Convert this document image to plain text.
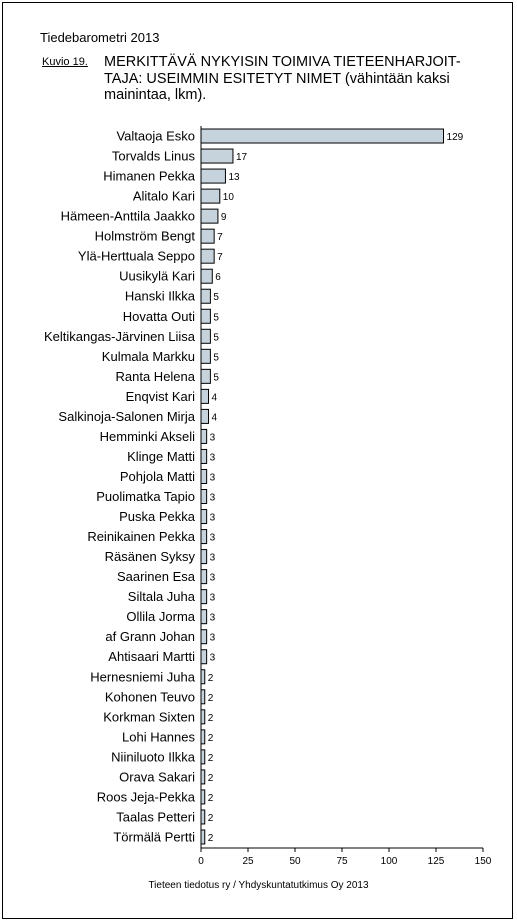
Tiedebarometri 2013
Kuvio 19. MERKITTÄVÄ NYKYISIN TOIMIVA TIETEENHARJOIT-TAJA: USEIMMIN ESITETYT NIMET (vähintään kaksi mainintaa, lkm).
Valtaoja Esko	129
Torvalds Linus	17
Himanen Pekka	13
Alitalo Kari	10
Hämeen-Anttila Jaakko	9
Holmström Bengt 7
Ylä-Herttuala Seppo 7
Uusikylä Kari 6
Hanski Ilkka 5
Hovatta Outi 5
Keltikangas-Järvinen Liisa 5
Kulmala Markku 5
Ranta Helena 5
Enqvist Kari 4
Salkinoja-Salonen Mirja 4
Hemminki Akseli 3
Klinge Matti 3
Pohjola Matti 3
Puolimatka Tapio 3
Puska Pekka 3
Reinikainen Pekka 3
Räsänen Syksy 3
Saarinen Esa 3
Siltala Juha 3
Ollila Jorma 3
af Grann Johan 3
Ahtisaari Martti 3
Hernesniemi Juha 2
Kohonen Teuvo 2
Korkman Sixten 2
Lohi Hannes 2
Niiniluoto Ilkka 2
Orava Sakari 2
Roos Jeja-Pekka 2
Taalas Petteri 2
Törmälä Pertti 2
0	25	50	75	100	125	150
Tieteen tiedotus ry / Yhdyskuntatutkimus Oy 2013
